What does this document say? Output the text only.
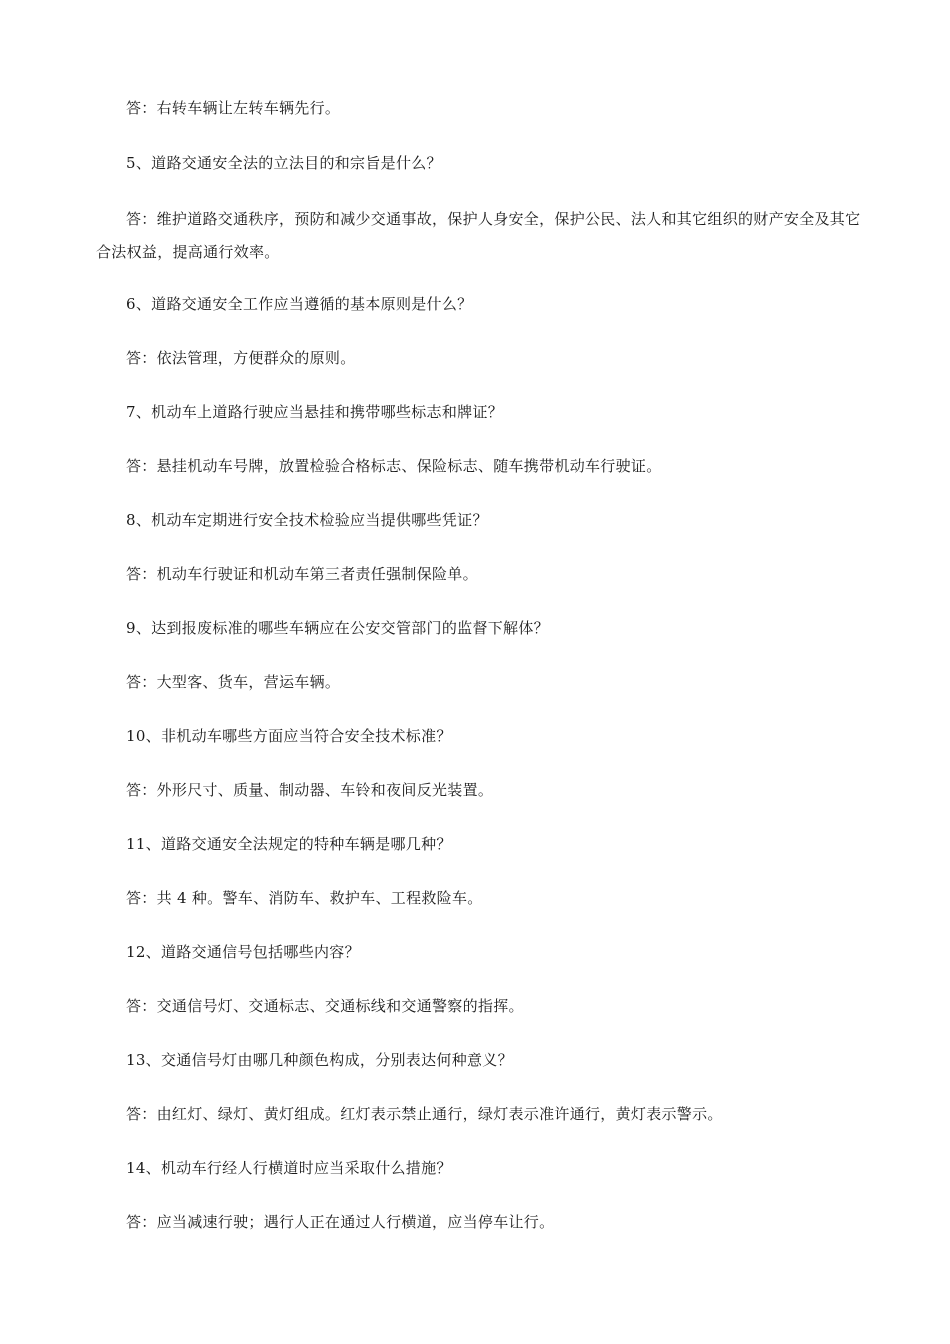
答：右转车辆让左转车辆先行。

5、道路交通安全法的立法目的和宗旨是什么？

答：维护道路交通秩序，预防和减少交通事故，保护人身安全，保护公民、法人和其它组织的财产安全及其它合法权益，提高通行效率。

6、道路交通安全工作应当遵循的基本原则是什么？

答：依法管理，方便群众的原则。

7、机动车上道路行驶应当悬挂和携带哪些标志和牌证？

答：悬挂机动车号牌，放置检验合格标志、保险标志、随车携带机动车行驶证。

8、机动车定期进行安全技术检验应当提供哪些凭证？

答：机动车行驶证和机动车第三者责任强制保险单。

9、达到报废标准的哪些车辆应在公安交管部门的监督下解体？

答：大型客、货车，营运车辆。

10、非机动车哪些方面应当符合安全技术标准？

答：外形尺寸、质量、制动器、车铃和夜间反光装置。

11、道路交通安全法规定的特种车辆是哪几种？

答：共 4 种。警车、消防车、救护车、工程救险车。

12、道路交通信号包括哪些内容？

答：交通信号灯、交通标志、交通标线和交通警察的指挥。

13、交通信号灯由哪几种颜色构成，分别表达何种意义？

答：由红灯、绿灯、黄灯组成。红灯表示禁止通行，绿灯表示准许通行，黄灯表示警示。

14、机动车行经人行横道时应当采取什么措施？

答：应当减速行驶；遇行人正在通过人行横道，应当停车让行。
